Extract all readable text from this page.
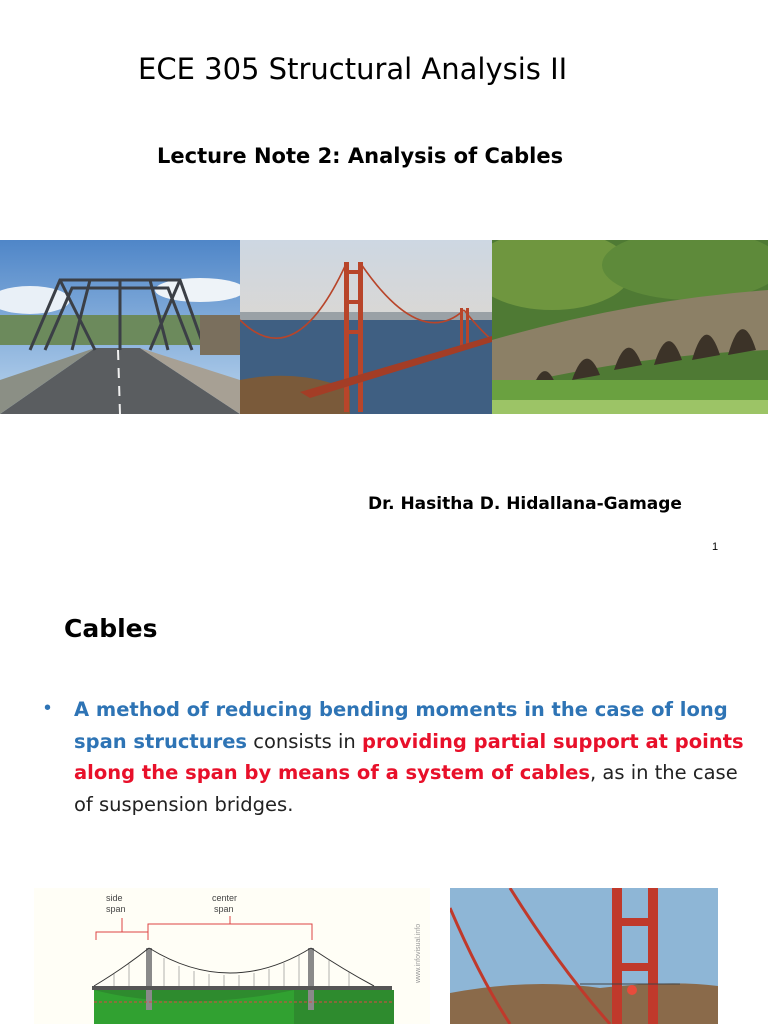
ECE 305 Structural Analysis II
Lecture Note 2: Analysis of Cables
Dr. Hasitha D. Hidallana-Gamage
1
Cables
• A method of reducing bending moments in the case of long span structures consists in providing partial support at points along the span by means of a system of cables, as in the case of suspension bridges.
side
span
center
span
www.infovisual.info
